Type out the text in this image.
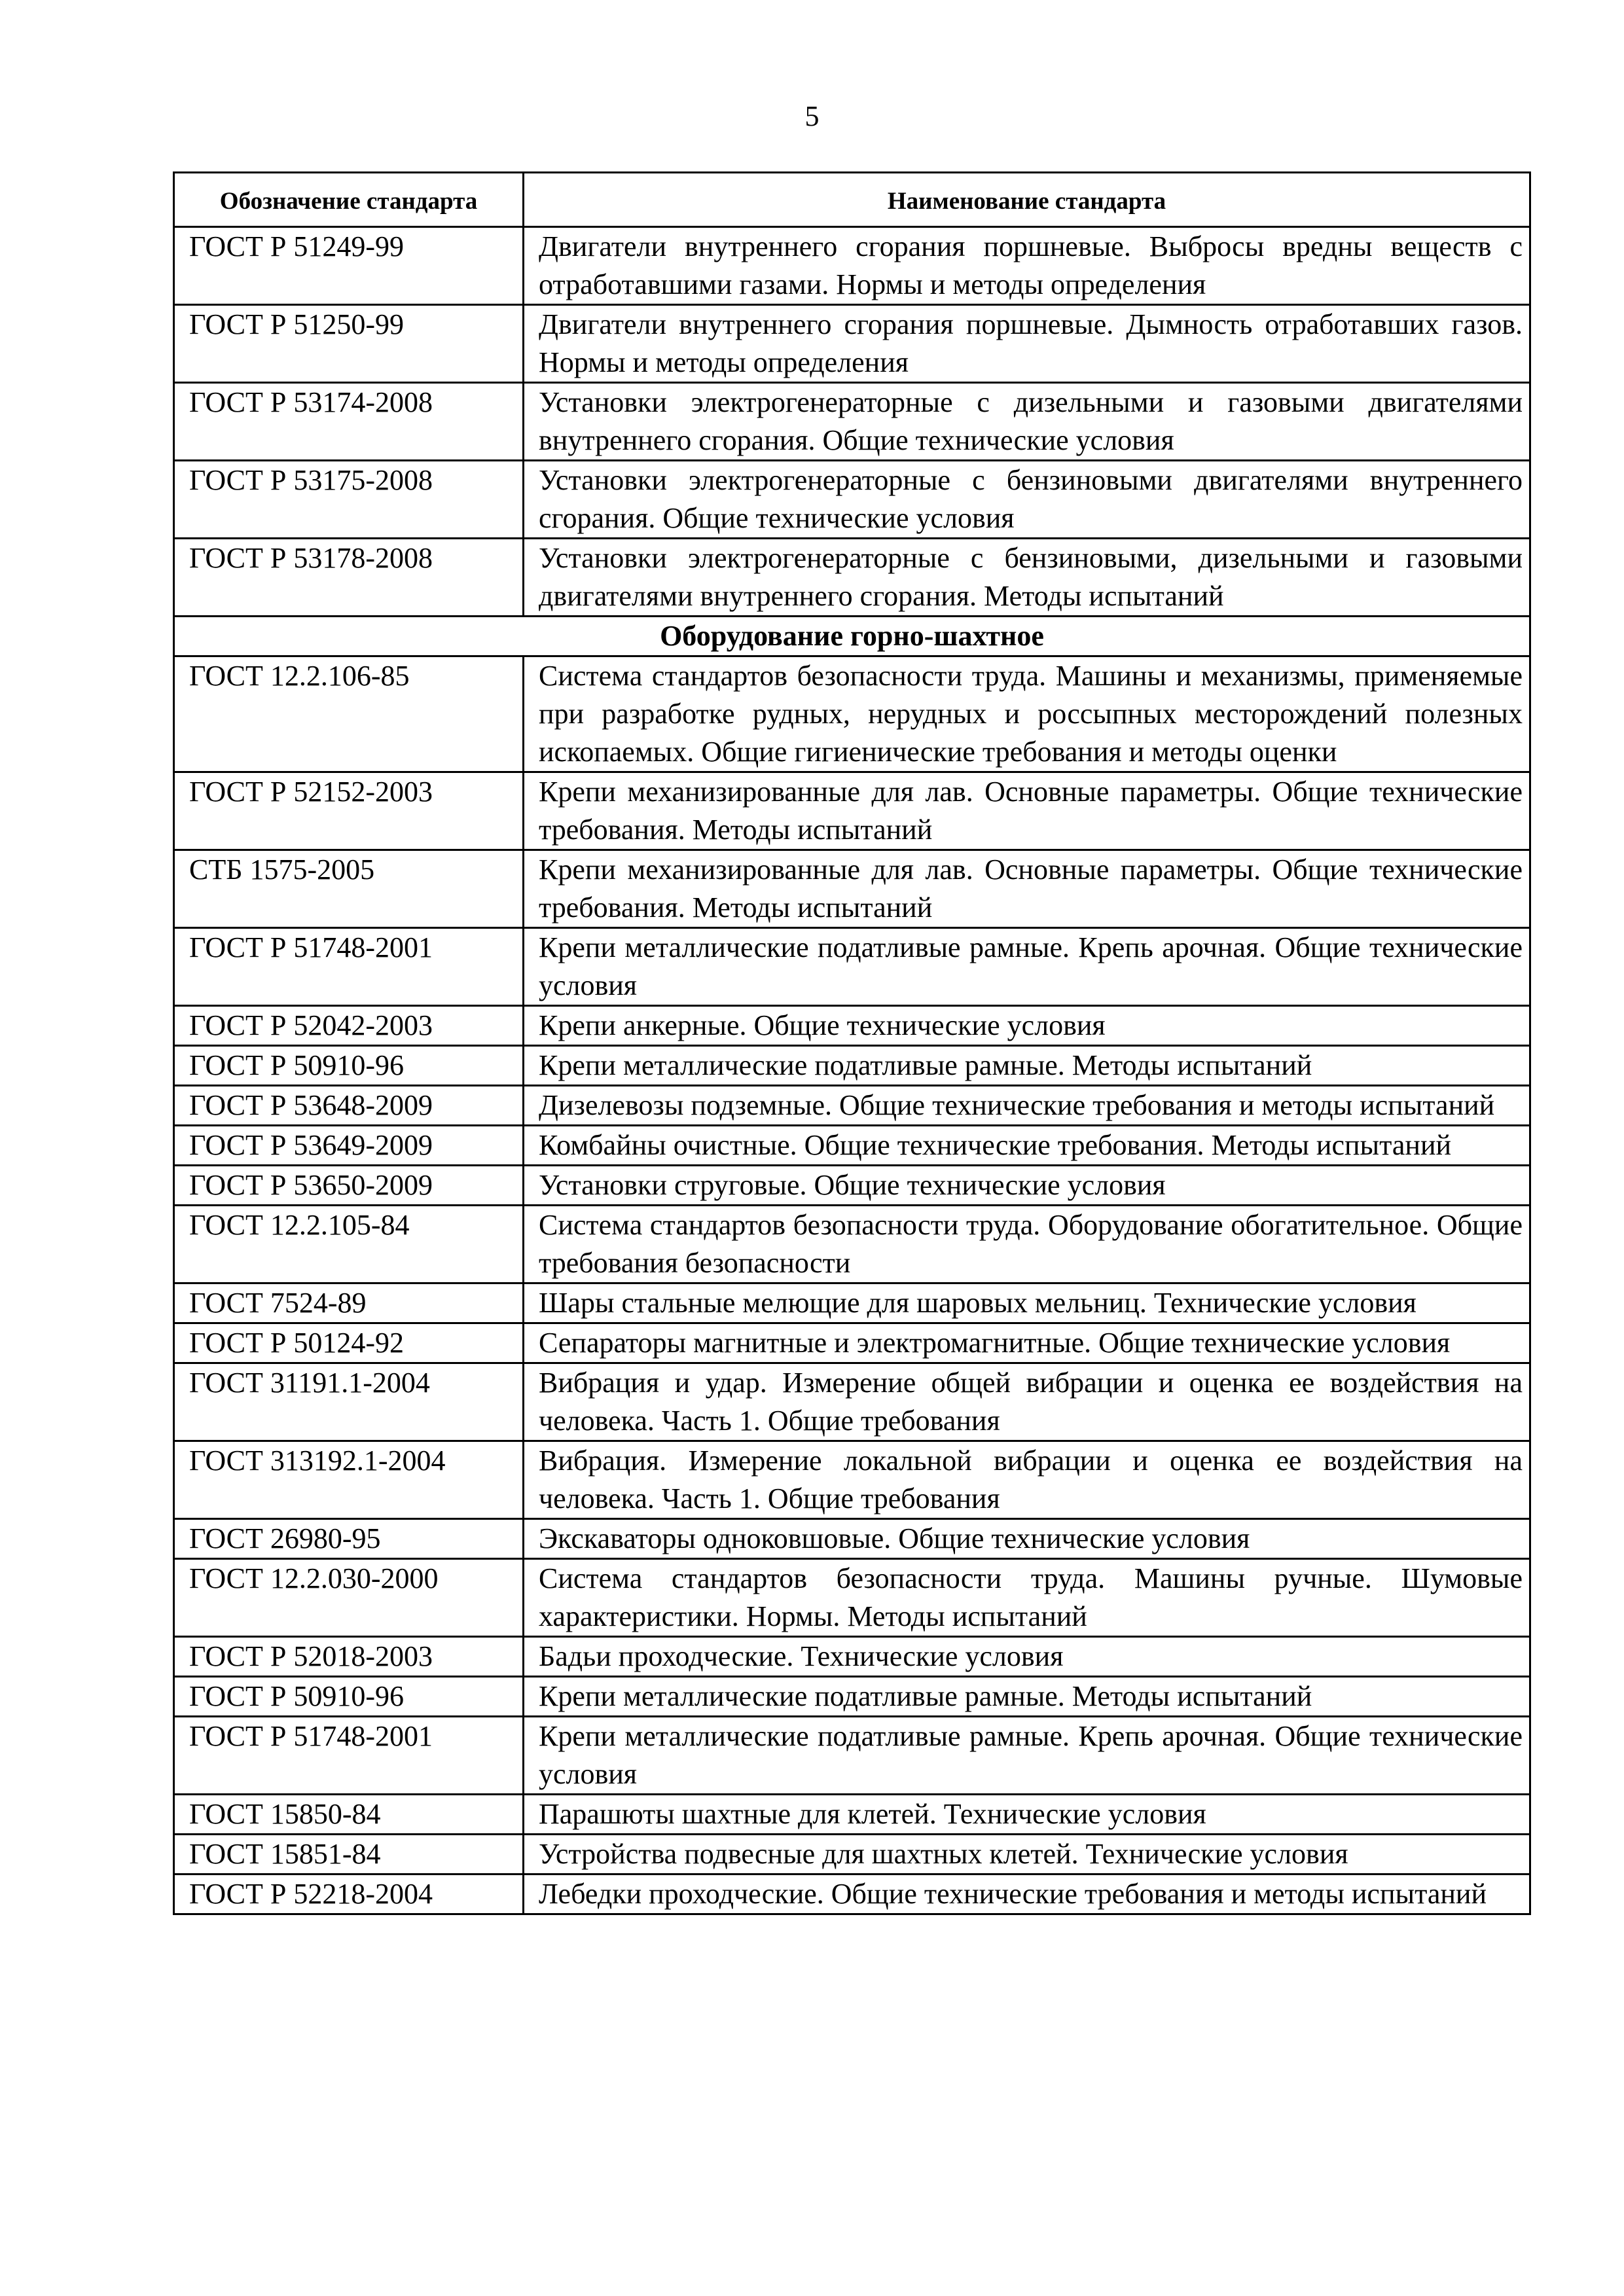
5
Обозначение стандарта	Наименование стандарта
ГОСТ Р 51249-99	Двигатели внутреннего сгорания поршневые. Выбросы вредны веществ с отработавшими газами. Нормы и методы определения
ГОСТ Р 51250-99	Двигатели внутреннего сгорания поршневые. Дымность отработавших газов. Нормы и методы определения
ГОСТ Р 53174-2008	Установки электрогенераторные с дизельными и газовыми двигателями внутреннего сгорания. Общие технические условия
ГОСТ Р 53175-2008	Установки электрогенераторные с бензиновыми двигателями внутреннего сгорания. Общие технические условия
ГОСТ Р 53178-2008	Установки электрогенераторные с бензиновыми, дизельными и газовыми двигателями внутреннего сгорания. Методы испытаний
Оборудование горно-шахтное	
ГОСТ 12.2.106-85	Система стандартов безопасности труда. Машины и механизмы, применяемые при разработке рудных, нерудных и россыпных месторождений полезных ископаемых. Общие гигиенические требования и методы оценки
ГОСТ Р 52152-2003	Крепи механизированные для лав. Основные параметры. Общие технические требования. Методы испытаний
СТБ 1575-2005	Крепи механизированные для лав. Основные параметры. Общие технические требования. Методы испытаний
ГОСТ Р 51748-2001	Крепи металлические податливые рамные. Крепь арочная. Общие технические условия
ГОСТ Р 52042-2003	Крепи анкерные. Общие технические условия
ГОСТ Р 50910-96	Крепи металлические податливые рамные. Методы испытаний
ГОСТ Р 53648-2009	Дизелевозы подземные. Общие технические требования и методы испытаний
ГОСТ Р 53649-2009	Комбайны очистные. Общие технические требования. Методы испытаний
ГОСТ Р 53650-2009	Установки струговые. Общие технические условия
ГОСТ 12.2.105-84	Система стандартов безопасности труда. Оборудование обогатительное. Общие требования безопасности
ГОСТ 7524-89	Шары стальные мелющие для шаровых мельниц. Технические условия
ГОСТ Р 50124-92	Сепараторы магнитные и электромагнитные. Общие технические условия
ГОСТ 31191.1-2004	Вибрация и удар. Измерение общей вибрации и оценка ее воздействия на человека. Часть 1. Общие требования
ГОСТ 313192.1-2004	Вибрация. Измерение локальной вибрации и оценка ее воздействия на человека. Часть 1. Общие требования
ГОСТ 26980-95	Экскаваторы одноковшовые. Общие технические условия
ГОСТ 12.2.030-2000	Система стандартов безопасности труда. Машины ручные. Шумовые характеристики. Нормы. Методы испытаний
ГОСТ Р 52018-2003	Бадьи проходческие. Технические условия
ГОСТ Р 50910-96	Крепи металлические податливые рамные. Методы испытаний
ГОСТ Р 51748-2001	Крепи металлические податливые рамные. Крепь арочная. Общие технические условия
ГОСТ 15850-84	Парашюты шахтные для клетей. Технические условия
ГОСТ 15851-84	Устройства подвесные для шахтных клетей. Технические условия
ГОСТ Р 52218-2004	Лебедки проходческие. Общие технические требования и методы испытаний
